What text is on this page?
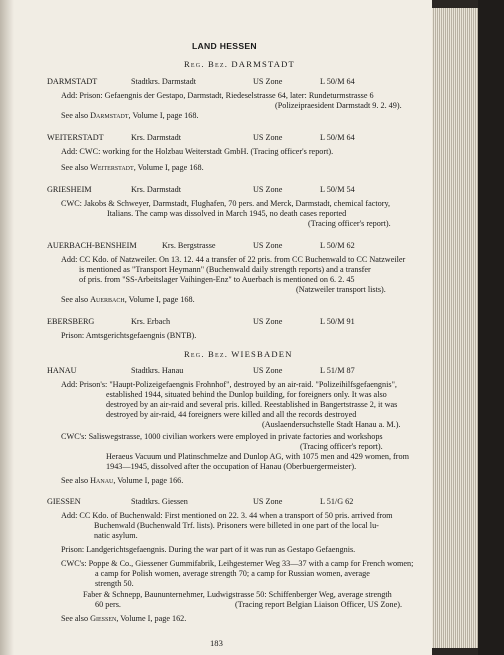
LAND HESSEN
Reg. Bez. DARMSTADT
DARMSTADT	Stadtkrs. Darmstadt	US Zone	L 50/M 64
Add: Prison: Gefaengnis der Gestapo, Darmstadt, Riedeselstrasse 64, later: Rundeturmstrasse 6
(Polizeipraesident Darmstadt 9. 2. 49).
See also Darmstadt, Volume I, page 168.
WEITERSTADT	Krs. Darmstadt	US Zone	L 50/M 64
Add: CWC: working for the Holzbau Weiterstadt GmbH. (Tracing officer's report).
See also Weiterstadt, Volume I, page 168.
GRIESHEIM	Krs. Darmstadt	US Zone	L 50/M 54
CWC: Jakobs & Schweyer, Darmstadt, Flughafen, 70 pers. and Merck, Darmstadt, chemical factory,
Italians. The camp was dissolved in March 1945, no death cases reported
(Tracing officer's report).
AUERBACH-BENSHEIM	Krs. Bergstrasse	US Zone	L 50/M 62
Add: CC Kdo. of Natzweiler. On 13. 12. 44 a transfer of 22 pris. from CC Buchenwald to CC Natzweiler
is mentioned as "Transport Heymann" (Buchenwald daily strength reports) and a transfer
of pris. from "SS-Arbeitslager Vaihingen-Enz" to Auerbach is mentioned on 6. 2. 45
(Natzweiler transport lists).
See also Auerbach, Volume I, page 168.
EBERSBERG	Krs. Erbach	US Zone	L 50/M 91
Prison: Amtsgerichtsgefaengnis (BNTB).
Reg. Bez. WIESBADEN
HANAU	Stadtkrs. Hanau	US Zone	L 51/M 87
Add: Prison's: "Haupt-Polizeigefaengnis Frohnhof", destroyed by an air-raid. "Polizeihilfsgefaengnis",
established 1944, situated behind the Dunlop building, for foreigners only. It was also
destroyed by an air-raid and several pris. killed. Reestablished in Bangertstrasse 2, it was
destroyed by air-raid, 44 foreigners were killed and all the records destroyed
(Auslaendersuchstelle Stadt Hanau a. M.).
CWC's: Saliswegstrasse, 1000 civilian workers were employed in private factories and workshops
(Tracing officer's report).
Heraeus Vacuum und Platinschmelze and Dunlop AG, with 1075 men and 429 women, from
1943—1945, dissolved after the occupation of Hanau (Oberbuergermeister).
See also Hanau, Volume I, page 166.
GIESSEN	Stadtkrs. Giessen	US Zone	L 51/G 62
Add: CC Kdo. of Buchenwald: First mentioned on 22. 3. 44 when a transport of 50 pris. arrived from
Buchenwald (Buchenwald Trf. lists). Prisoners were billeted in one part of the local lu-
natic asylum.
Prison: Landgerichtsgefaengnis. During the war part of it was run as Gestapo Gefaengnis.
CWC's: Poppe & Co., Giessener Gummifabrik, Leihgesterner Weg 33—37 with a camp for French women;
a camp for Polish women, average strength 70; a camp for Russian women, average
strength 50.
Faber & Schnepp, Baununternehmer, Ludwigstrasse 50: Schiffenberger Weg, average strength
60 pers.	(Tracing report Belgian Liaison Officer, US Zone).
See also Giessen, Volume I, page 162.
183
